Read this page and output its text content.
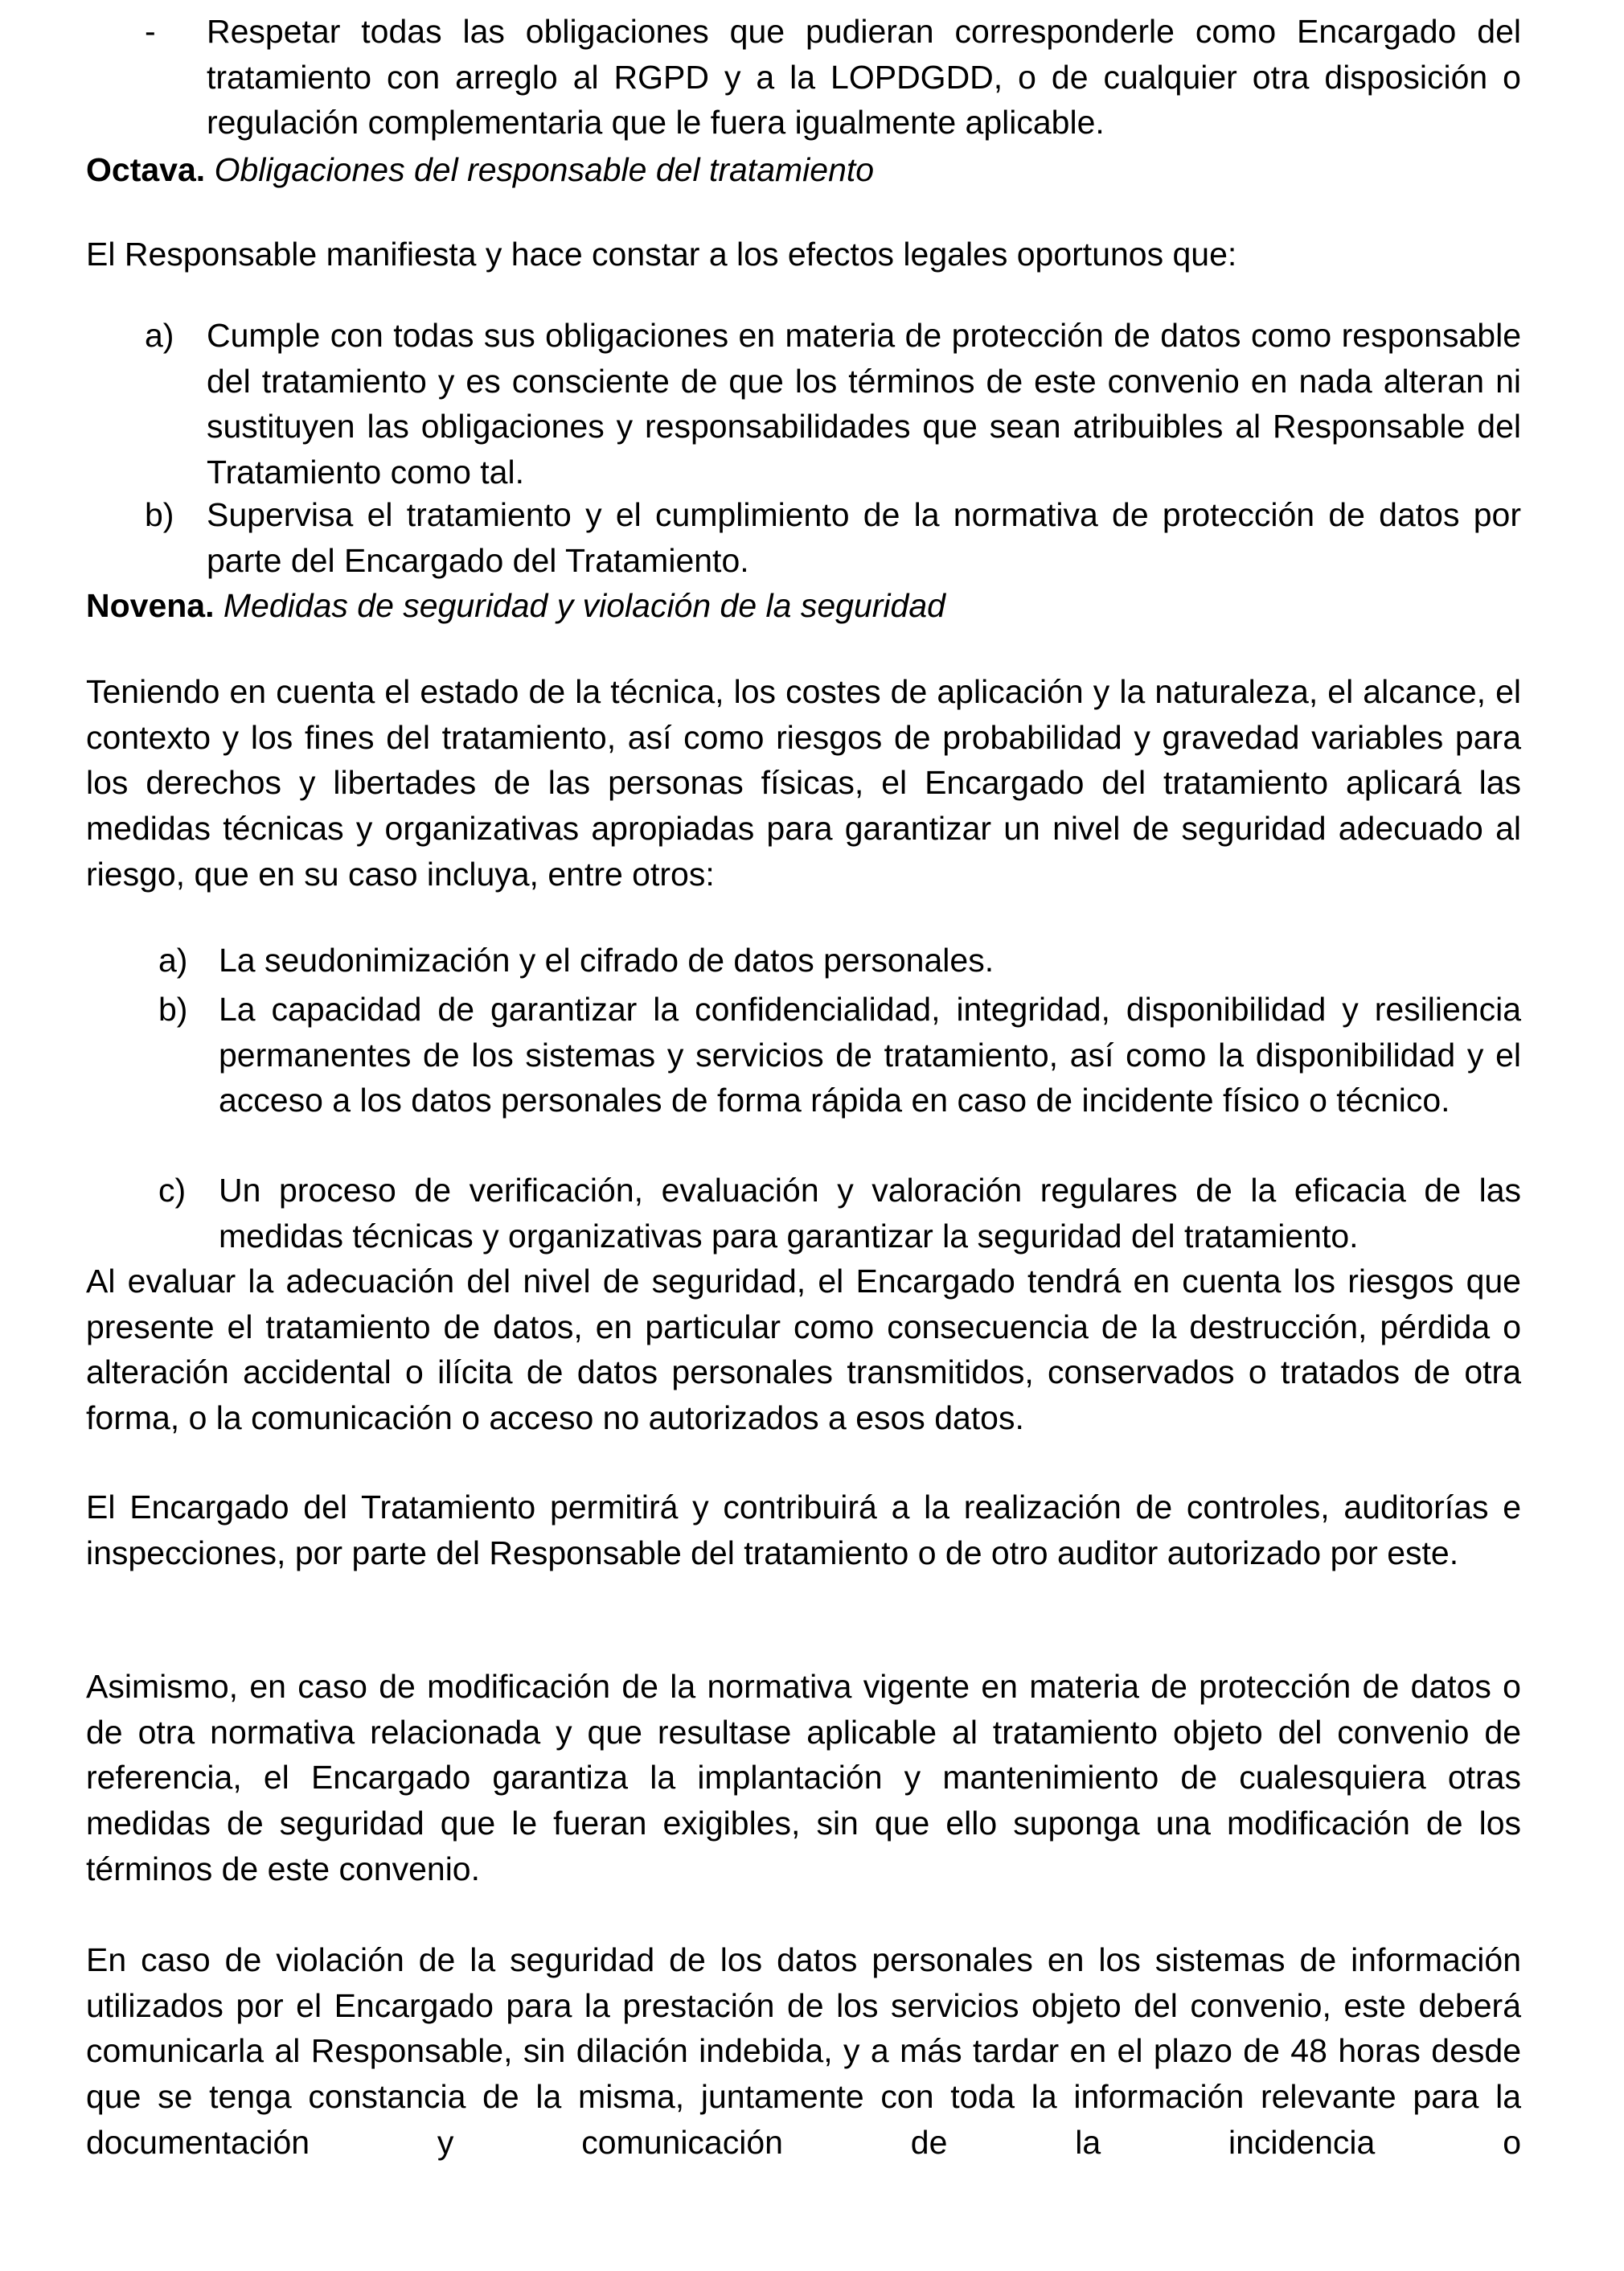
- Respetar todas las obligaciones que pudieran corresponderle como Encargado del tratamiento con arreglo al RGPD y a la LOPDGDD, o de cualquier otra disposición o regulación complementaria que le fuera igualmente aplicable.
Octava. Obligaciones del responsable del tratamiento
El Responsable manifiesta y hace constar a los efectos legales oportunos que:
a) Cumple con todas sus obligaciones en materia de protección de datos como responsable del tratamiento y es consciente de que los términos de este convenio en nada alteran ni sustituyen las obligaciones y responsabilidades que sean atribuibles al Responsable del Tratamiento como tal.
b) Supervisa el tratamiento y el cumplimiento de la normativa de protección de datos por parte del Encargado del Tratamiento.
Novena. Medidas de seguridad y violación de la seguridad
Teniendo en cuenta el estado de la técnica, los costes de aplicación y la naturaleza, el alcance, el contexto y los fines del tratamiento, así como riesgos de probabilidad y gravedad variables para los derechos y libertades de las personas físicas, el Encargado del tratamiento aplicará las medidas técnicas y organizativas apropiadas para garantizar un nivel de seguridad adecuado al riesgo, que en su caso incluya, entre otros:
a) La seudonimización y el cifrado de datos personales.
b) La capacidad de garantizar la confidencialidad, integridad, disponibilidad y resiliencia permanentes de los sistemas y servicios de tratamiento, así como la disponibilidad y el acceso a los datos personales de forma rápida en caso de incidente físico o técnico.
c) Un proceso de verificación, evaluación y valoración regulares de la eficacia de las medidas técnicas y organizativas para garantizar la seguridad del tratamiento.
Al evaluar la adecuación del nivel de seguridad, el Encargado tendrá en cuenta los riesgos que presente el tratamiento de datos, en particular como consecuencia de la destrucción, pérdida o alteración accidental o ilícita de datos personales transmitidos, conservados o tratados de otra forma, o la comunicación o acceso no autorizados a esos datos.
El Encargado del Tratamiento permitirá y contribuirá a la realización de controles, auditorías e inspecciones, por parte del Responsable del tratamiento o de otro auditor autorizado por este.
Asimismo, en caso de modificación de la normativa vigente en materia de protección de datos o de otra normativa relacionada y que resultase aplicable al tratamiento objeto del convenio de referencia, el Encargado garantiza la implantación y mantenimiento de cualesquiera otras medidas de seguridad que le fueran exigibles, sin que ello suponga una modificación de los términos de este convenio.
En caso de violación de la seguridad de los datos personales en los sistemas de información utilizados por el Encargado para la prestación de los servicios objeto del convenio, este deberá comunicarla al Responsable, sin dilación indebida, y a más tardar en el plazo de 48 horas desde que se tenga constancia de la misma, juntamente con toda la información relevante para la documentación y comunicación de la incidencia o
